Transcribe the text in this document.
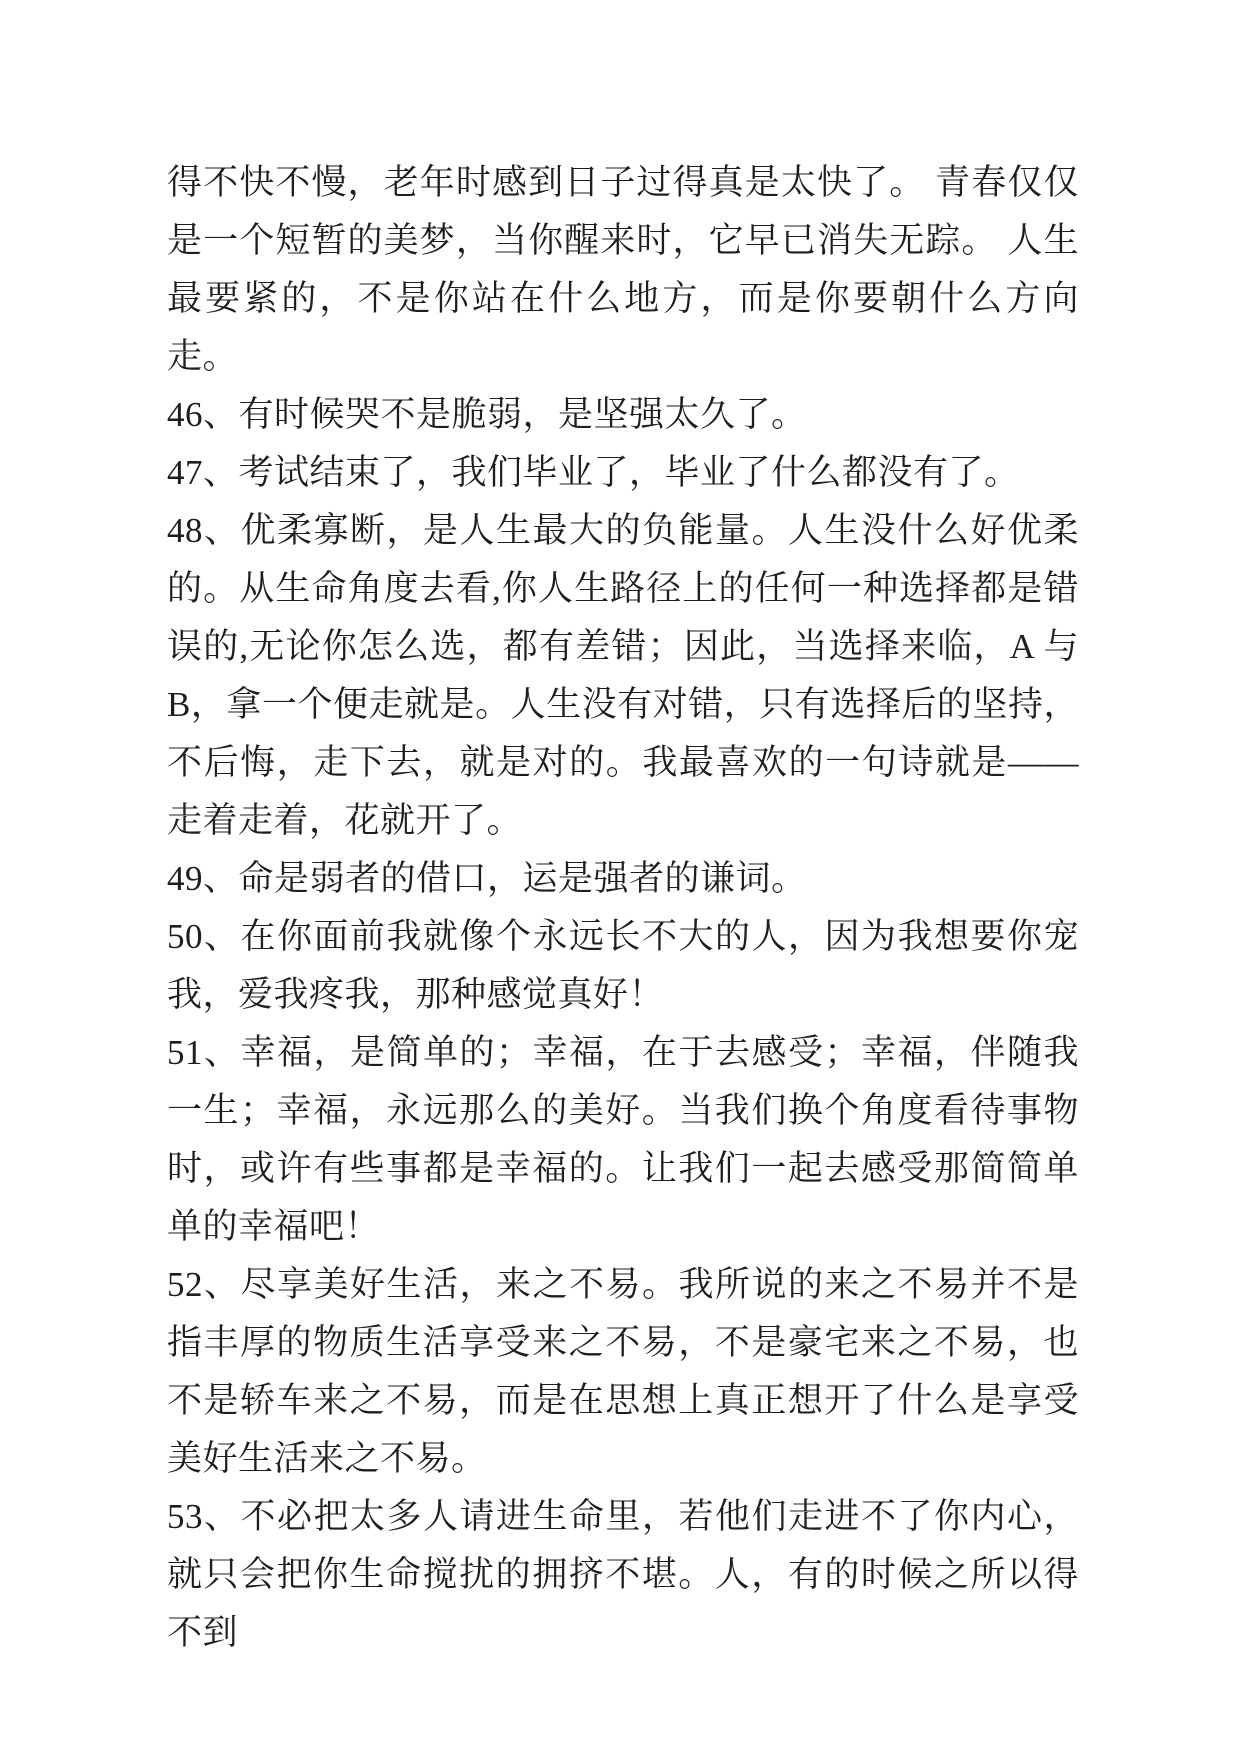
得不快不慢，老年时感到日子过得真是太快了。 青春仅仅是一个短暂的美梦，当你醒来时，它早已消失无踪。 人生最要紧的，不是你站在什么地方，而是你要朝什么方向走。

46、有时候哭不是脆弱，是坚强太久了。

47、考试结束了，我们毕业了，毕业了什么都没有了。

48、优柔寡断，是人生最大的负能量。人生没什么好优柔的。从生命角度去看,你人生路径上的任何一种选择都是错误的,无论你怎么选，都有差错；因此，当选择来临，A 与 B，拿一个便走就是。人生没有对错，只有选择后的坚持，不后悔，走下去，就是对的。我最喜欢的一句诗就是——走着走着，花就开了。

49、命是弱者的借口，运是强者的谦词。

50、在你面前我就像个永远长不大的人，因为我想要你宠我，爱我疼我，那种感觉真好！

51、幸福，是简单的；幸福，在于去感受；幸福，伴随我一生；幸福，永远那么的美好。当我们换个角度看待事物时，或许有些事都是幸福的。让我们一起去感受那简简单单的幸福吧！

52、尽享美好生活，来之不易。我所说的来之不易并不是指丰厚的物质生活享受来之不易，不是豪宅来之不易，也不是轿车来之不易，而是在思想上真正想开了什么是享受美好生活来之不易。

53、不必把太多人请进生命里，若他们走进不了你内心，就只会把你生命搅扰的拥挤不堪。人，有的时候之所以得不到
